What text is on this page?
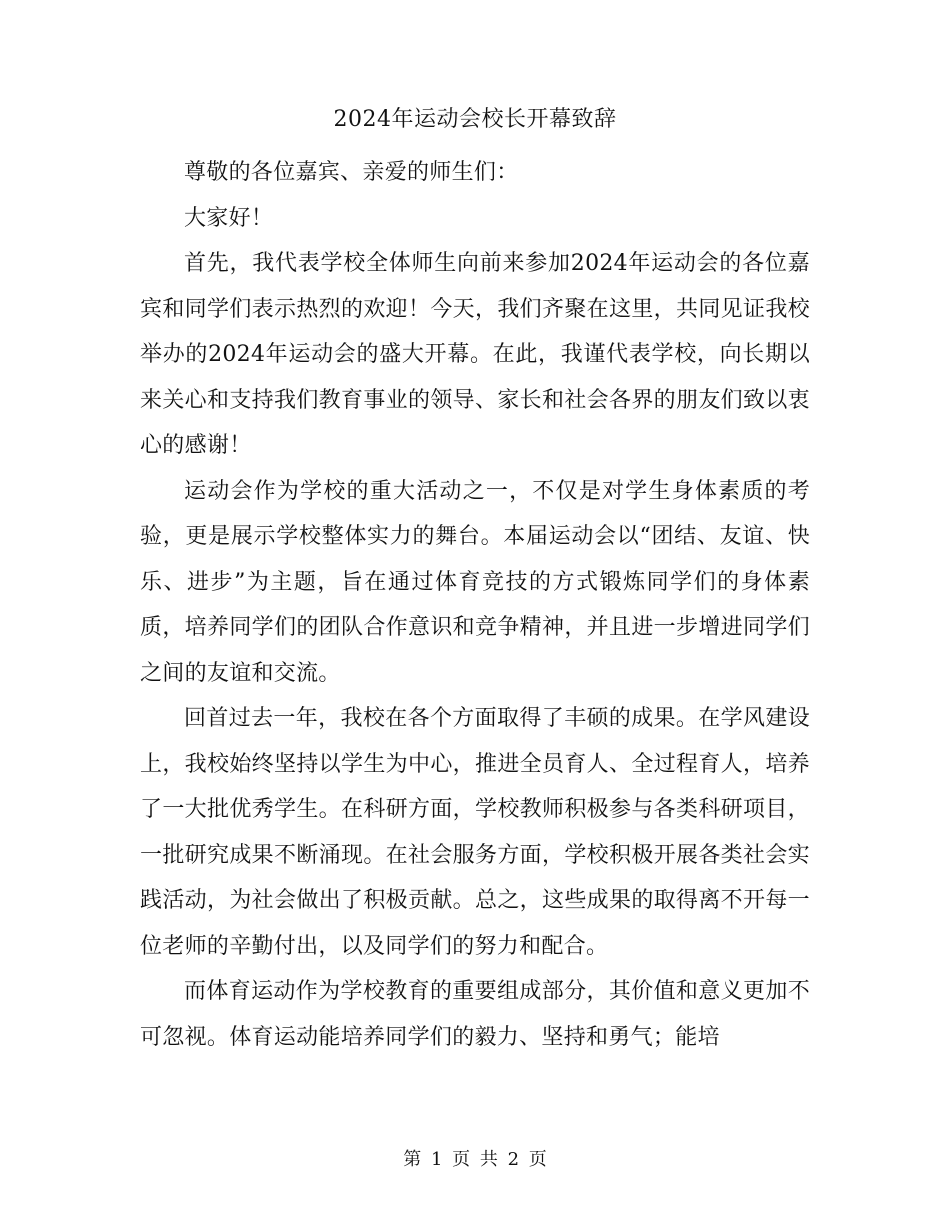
2024年运动会校长开幕致辞

尊敬的各位嘉宾、亲爱的师生们：

大家好！

首先，我代表学校全体师生向前来参加2024年运动会的各位嘉宾和同学们表示热烈的欢迎！今天，我们齐聚在这里，共同见证我校举办的2024年运动会的盛大开幕。在此，我谨代表学校，向长期以来关心和支持我们教育事业的领导、家长和社会各界的朋友们致以衷心的感谢！

运动会作为学校的重大活动之一，不仅是对学生身体素质的考验，更是展示学校整体实力的舞台。本届运动会以“团结、友谊、快乐、进步”为主题，旨在通过体育竞技的方式锻炼同学们的身体素质，培养同学们的团队合作意识和竞争精神，并且进一步增进同学们之间的友谊和交流。

回首过去一年，我校在各个方面取得了丰硕的成果。在学风建设上，我校始终坚持以学生为中心，推进全员育人、全过程育人，培养了一大批优秀学生。在科研方面，学校教师积极参与各类科研项目，一批研究成果不断涌现。在社会服务方面，学校积极开展各类社会实践活动，为社会做出了积极贡献。总之，这些成果的取得离不开每一位老师的辛勤付出，以及同学们的努力和配合。

而体育运动作为学校教育的重要组成部分，其价值和意义更加不可忽视。体育运动能培养同学们的毅力、坚持和勇气；能培

第 1 页 共 2 页
